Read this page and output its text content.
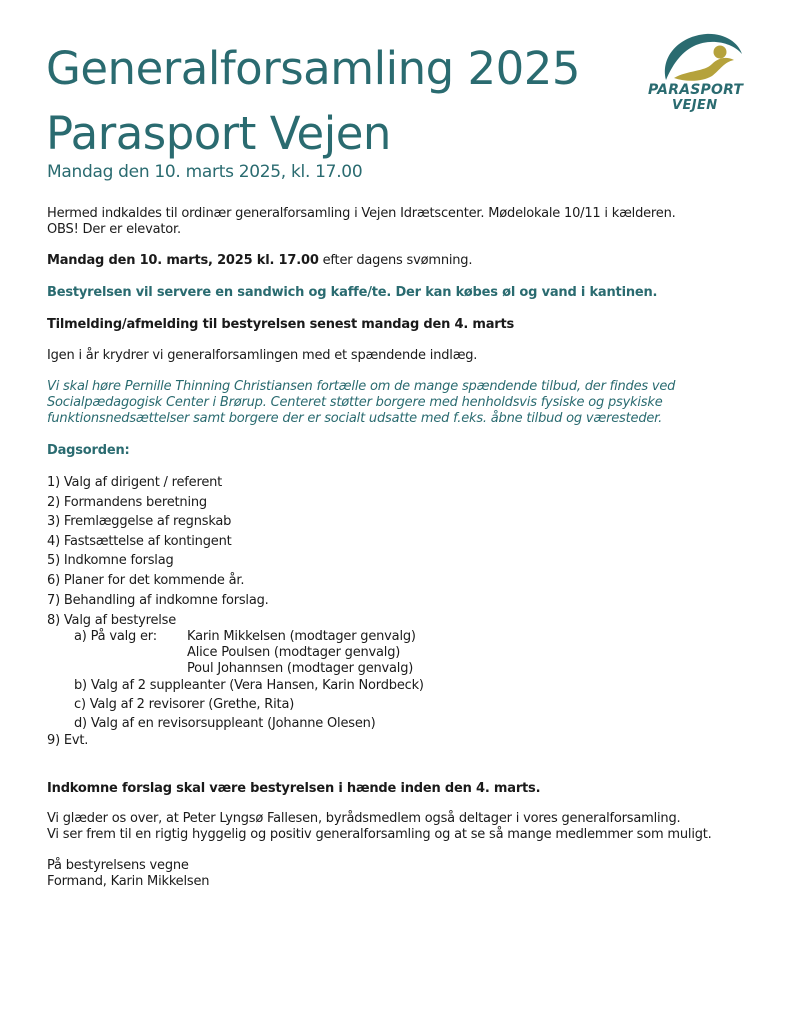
Generalforsamling 2025
Parasport Vejen
Mandag den 10. marts 2025, kl. 17.00
PARASPORT
VEJEN
Hermed indkaldes til ordinær generalforsamling i Vejen Idrætscenter. Mødelokale 10/11 i kælderen.
OBS! Der er elevator.
Mandag den 10. marts, 2025 kl. 17.00 efter dagens svømning.
Bestyrelsen vil servere en sandwich og kaffe/te. Der kan købes øl og vand i kantinen.
Tilmelding/afmelding til bestyrelsen senest mandag den 4. marts
Igen i år krydrer vi generalforsamlingen med et spændende indlæg.
Vi skal høre Pernille Thinning Christiansen fortælle om de mange spændende tilbud, der findes ved
Socialpædagogisk Center i Brørup. Centeret støtter borgere med henholdsvis fysiske og psykiske
funktionsnedsættelser samt borgere der er socialt udsatte med f.eks. åbne tilbud og væresteder.
Dagsorden:
1) Valg af dirigent / referent
2) Formandens beretning
3) Fremlæggelse af regnskab
4) Fastsættelse af kontingent
5) Indkomne forslag
6) Planer for det kommende år.
7) Behandling af indkomne forslag.
8) Valg af bestyrelse
a) På valg er: Karin Mikkelsen (modtager genvalg)
Alice Poulsen (modtager genvalg)
Poul Johannsen (modtager genvalg)
b) Valg af 2 suppleanter (Vera Hansen, Karin Nordbeck)
c) Valg af 2 revisorer (Grethe, Rita)
d) Valg af en revisorsuppleant (Johanne Olesen)
9) Evt.
Indkomne forslag skal være bestyrelsen i hænde inden den 4. marts.
Vi glæder os over, at Peter Lyngsø Fallesen, byrådsmedlem også deltager i vores generalforsamling.
Vi ser frem til en rigtig hyggelig og positiv generalforsamling og at se så mange medlemmer som muligt.
På bestyrelsens vegne
Formand, Karin Mikkelsen
